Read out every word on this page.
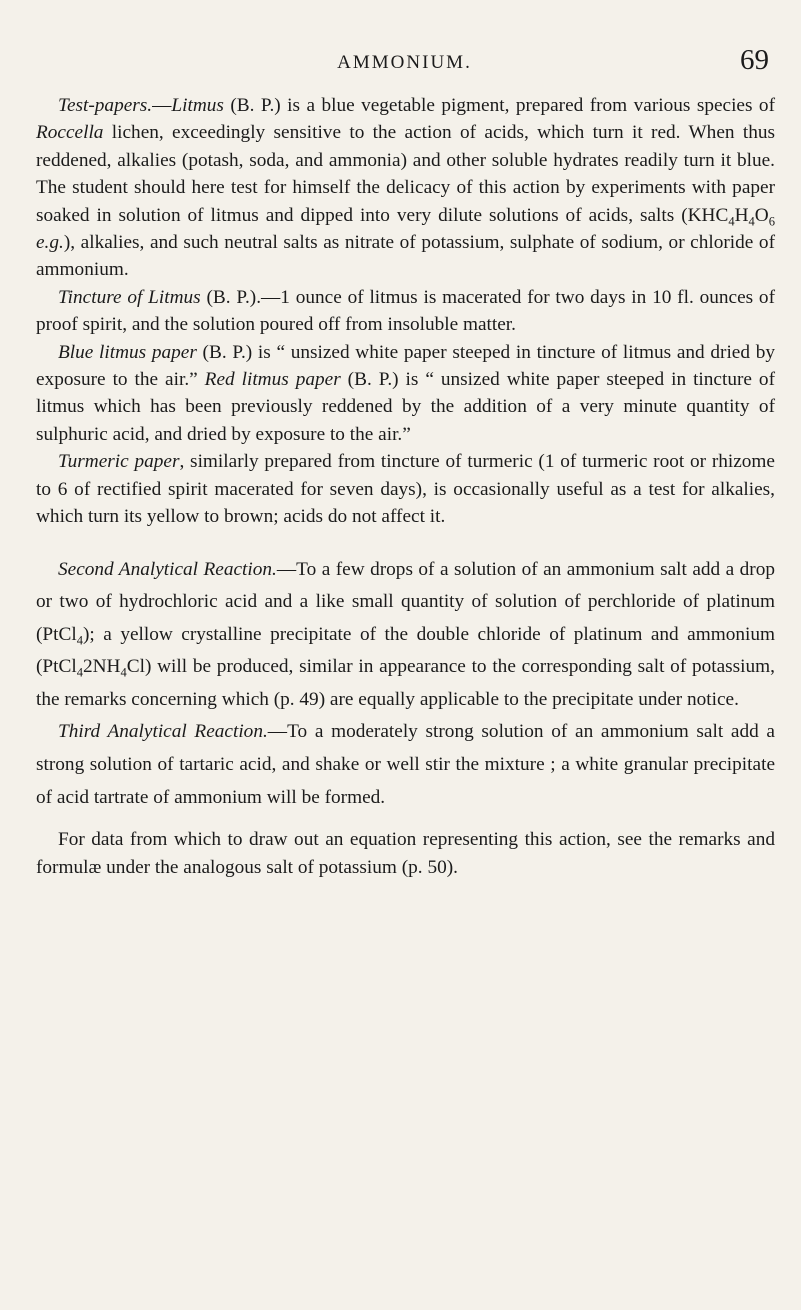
AMMONIUM.	69

Test-papers.—Litmus (B. P.) is a blue vegetable pigment, prepared from various species of Roccella lichen, exceedingly sensitive to the action of acids, which turn it red. When thus reddened, alkalies (potash, soda, and ammonia) and other soluble hydrates readily turn it blue. The student should here test for himself the delicacy of this action by experiments with paper soaked in solution of litmus and dipped into very dilute solutions of acids, salts ($KHC_4H_4O_6$ e.g.), alkalies, and such neutral salts as nitrate of potassium, sulphate of sodium, or chloride of ammonium.

Tincture of Litmus (B. P.).—1 ounce of litmus is macerated for two days in 10 fl. ounces of proof spirit, and the solution poured off from insoluble matter.

Blue litmus paper (B. P.) is “ unsized white paper steeped in tincture of litmus and dried by exposure to the air.” Red litmus paper (B. P.) is “ unsized white paper steeped in tincture of litmus which has been previously reddened by the addition of a very minute quantity of sulphuric acid, and dried by exposure to the air.”

Turmeric paper, similarly prepared from tincture of turmeric (1 of turmeric root or rhizome to 6 of rectified spirit macerated for seven days), is occasionally useful as a test for alkalies, which turn its yellow to brown; acids do not affect it.

Second Analytical Reaction.—To a few drops of a solution of an ammonium salt add a drop or two of hydrochloric acid and a like small quantity of solution of perchloride of platinum (PtCl$_4$); a yellow crystalline precipitate of the double chloride of platinum and ammonium $(PtCl_42NH_4Cl)$ will be produced, similar in appearance to the corresponding salt of potassium, the remarks concerning which (p. 49) are equally applicable to the precipitate under notice.

Third Analytical Reaction.—To a moderately strong solution of an ammonium salt add a strong solution of tartaric acid, and shake or well stir the mixture ; a white granular precipitate of acid tartrate of ammonium will be formed.

For data from which to draw out an equation representing this action, see the remarks and formulæ under the analogous salt of potassium (p. 50).
